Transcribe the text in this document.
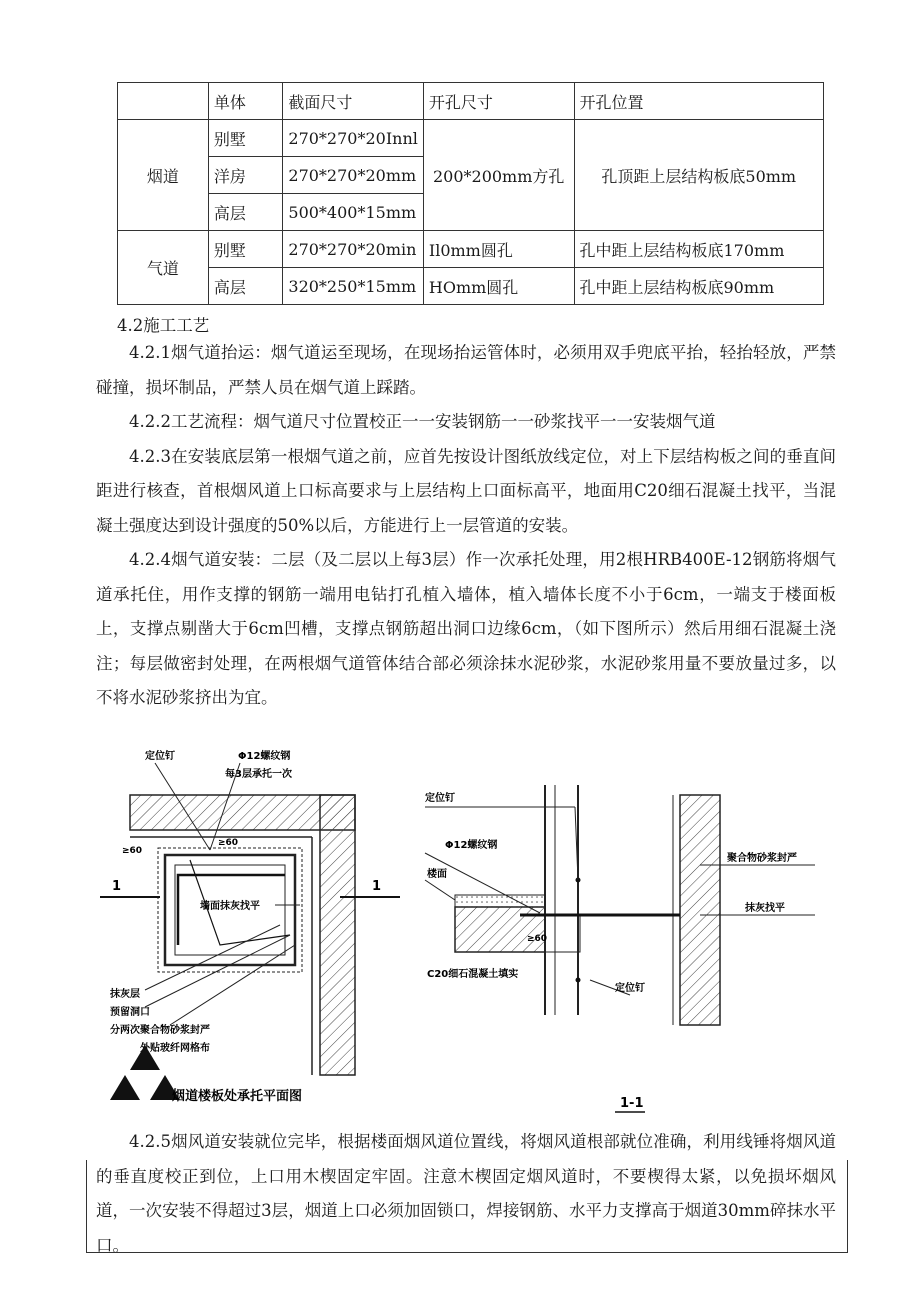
	单体	截面尺寸	开孔尺寸	开孔位置
烟道	别墅	270*270*20Innl	200*200mm方孔	孔顶距上层结构板底50mm
	洋房	270*270*20mm		
	高层	500*400*15mm		
气道	别墅	270*270*20min	Il0mm圆孔	孔中距上层结构板底170mm
	高层	320*250*15mm	HOmm圆孔	孔中距上层结构板底90mm
4.2施工工艺

4.2.1烟气道抬运：烟气道运至现场，在现场抬运管体时，必须用双手兜底平抬，轻抬轻放，严禁碰撞，损坏制品，严禁人员在烟气道上踩踏。

4.2.2工艺流程：烟气道尺寸位置校正一一安装钢筋一一砂浆找平一一安装烟气道

4.2.3在安装底层第一根烟气道之前，应首先按设计图纸放线定位，对上下层结构板之间的垂直间距进行核查，首根烟风道上口标高要求与上层结构上口面标高平，地面用C20细石混凝土找平，当混凝土强度达到设计强度的50%以后，方能进行上一层管道的安装。

4.2.4烟气道安装：二层（及二层以上每3层）作一次承托处理，用2根HRB400E-12钢筋将烟气道承托住，用作支撑的钢筋一端用电钻打孔植入墙体，植入墙体长度不小于6cm，一端支于楼面板上，支撑点剔凿大于6cm凹槽，支撑点钢筋超出洞口边缘6cm，（如下图所示）然后用细石混凝土浇注；每层做密封处理，在两根烟气道管体结合部必须涂抹水泥砂浆，水泥砂浆用量不要放量过多，以不将水泥砂浆挤出为宜。

1	1
定位钉	Φ12螺纹钢
每3层承托一次
≥60
≥60
墙面抹灰找平
抹灰层
预留洞口
分两次聚合物砂浆封严
外贴玻纤网格布
烟道楼板处承托平面图
定位钉
Φ12螺纹钢
楼面
≥60
C20细石混凝土填实
定位钉
聚合物砂浆封严
抹灰找平
1-1

4.2.5烟风道安装就位完毕，根据楼面烟风道位置线，将烟风道根部就位准确，利用线锤将烟风道的垂直度校正到位，上口用木楔固定牢固。注意木楔固定烟风道时，不要楔得太紧，以免损坏烟风道，一次安装不得超过3层，烟道上口必须加固锁口，焊接钢筋、水平力支撑高于烟道30mm碎抹水平口。
